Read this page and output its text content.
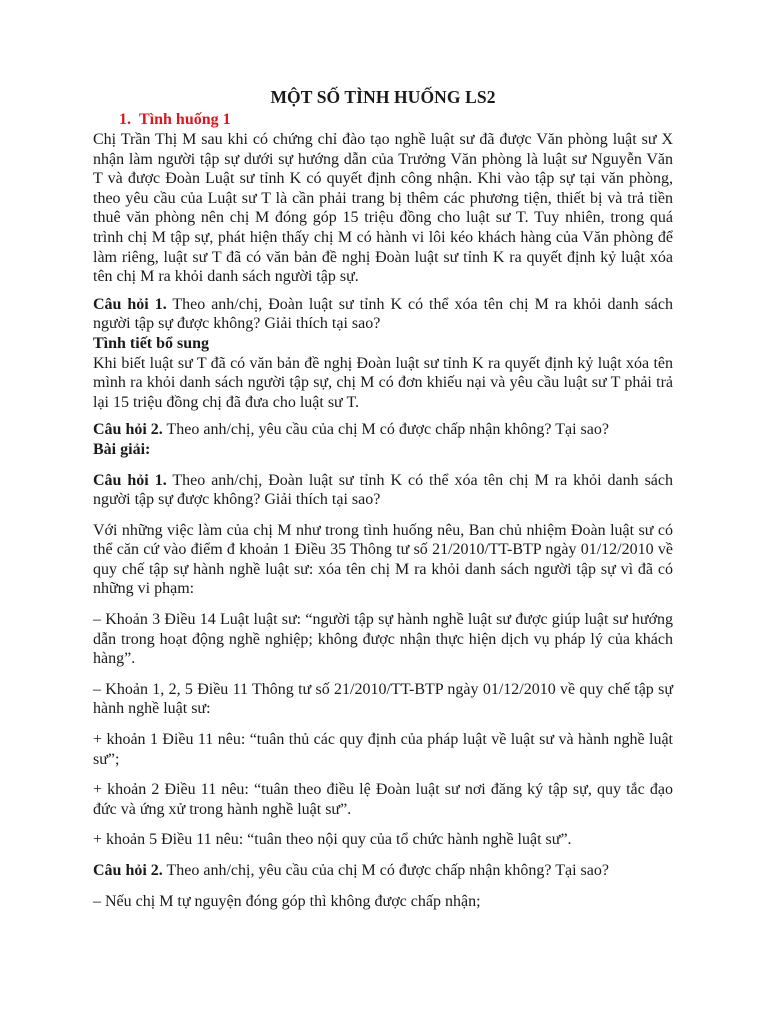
MỘT SỐ TÌNH HUỐNG LS2
1. Tình huống 1

Chị Trần Thị M sau khi có chứng chỉ đào tạo nghề luật sư đã được Văn phòng luật sư X nhận làm người tập sự dưới sự hướng dẫn của Trưởng Văn phòng là luật sư Nguyễn Văn T và được Đoàn Luật sư tỉnh K có quyết định công nhận. Khi vào tập sự tại văn phòng, theo yêu cầu của Luật sư T là cần phải trang bị thêm các phương tiện, thiết bị và trả tiền thuê văn phòng nên chị M đóng góp 15 triệu đồng cho luật sư T. Tuy nhiên, trong quá trình chị M tập sự, phát hiện thấy chị M có hành vi lôi kéo khách hàng của Văn phòng để làm riêng, luật sư T đã có văn bản đề nghị Đoàn luật sư tỉnh K ra quyết định kỷ luật xóa tên chị M ra khỏi danh sách người tập sự.

Câu hỏi 1. Theo anh/chị, Đoàn luật sư tỉnh K có thể xóa tên chị M ra khỏi danh sách người tập sự được không? Giải thích tại sao?

Tình tiết bổ sung

Khi biết luật sư T đã có văn bản đề nghị Đoàn luật sư tỉnh K ra quyết định kỷ luật xóa tên mình ra khỏi danh sách người tập sự, chị M có đơn khiếu nại và yêu cầu luật sư T phải trả lại 15 triệu đồng chị đã đưa cho luật sư T.

Câu hỏi 2. Theo anh/chị, yêu cầu của chị M có được chấp nhận không? Tại sao?

Bài giải:

Câu hỏi 1. Theo anh/chị, Đoàn luật sư tỉnh K có thể xóa tên chị M ra khỏi danh sách người tập sự được không? Giải thích tại sao?

Với những việc làm của chị M như trong tình huống nêu, Ban chủ nhiệm Đoàn luật sư có thể căn cứ vào điểm đ khoản 1 Điều 35 Thông tư số 21/2010/TT-BTP ngày 01/12/2010 về quy chế tập sự hành nghề luật sư: xóa tên chị M ra khỏi danh sách người tập sự vì đã có những vi phạm:

– Khoản 3 Điều 14 Luật luật sư: “người tập sự hành nghề luật sư được giúp luật sư hướng dẫn trong hoạt động nghề nghiệp; không được nhận thực hiện dịch vụ pháp lý của khách hàng”.

– Khoản 1, 2, 5 Điều 11 Thông tư số 21/2010/TT-BTP ngày 01/12/2010 về quy chế tập sự hành nghề luật sư:

+ khoản 1 Điều 11 nêu: “tuân thủ các quy định của pháp luật về luật sư và hành nghề luật sư”;

+ khoản 2 Điều 11 nêu: “tuân theo điều lệ Đoàn luật sư nơi đăng ký tập sự, quy tắc đạo đức và ứng xử trong hành nghề luật sư”.

+ khoản 5 Điều 11 nêu: “tuân theo nội quy của tổ chức hành nghề luật sư”.

Câu hỏi 2. Theo anh/chị, yêu cầu của chị M có được chấp nhận không? Tại sao?

– Nếu chị M tự nguyện đóng góp thì không được chấp nhận;
